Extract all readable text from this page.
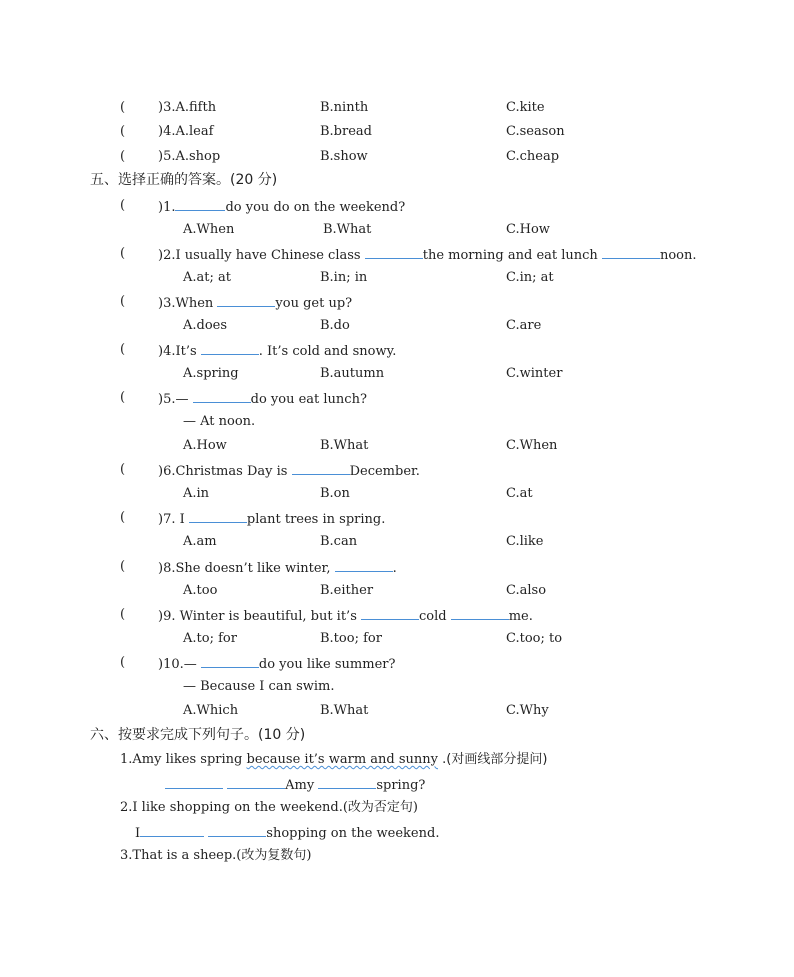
(	)3.A.fifth	B.ninth	C.kite
(	)4.A.leaf	B.bread	C.season
(	)5.A.shop	B.show	C.cheap
五、选择正确的答案。(20 分)
(	)1.	do you do on the weekend?
A.When	B.What	C.How
(	)2.I usually have Chinese class	the morning and eat lunch	noon.
A.at; at	B.in; in	C.in; at
(	)3.When	you get up?
A.does	B.do	C.are
(	)4.It’s	. It’s cold and snowy.
A.spring	B.autumn	C.winter
(	)5.—	do you eat lunch?
— At noon.
A.How	B.What	C.When
(	)6.Christmas Day is	December.
A.in	B.on	C.at
(	)7. I	plant trees in spring.
A.am	B.can	C.like
(	)8.She doesn’t like winter,	.
A.too	B.either	C.also
(	)9. Winter is beautiful, but it’s	cold	me.
A.to; for	B.too; for	C.too; to
(	)10.—	do you like summer?
— Because I can swim.
A.Which	B.What	C.Why
六、按要求完成下列句子。(10 分)
1.Amy likes spring because it’s warm and sunny .(对画线部分提问)
Amy	spring?
2.I like shopping on the weekend.(改为否定句)
I	shopping on the weekend.
3.That is a sheep.(改为复数句)
